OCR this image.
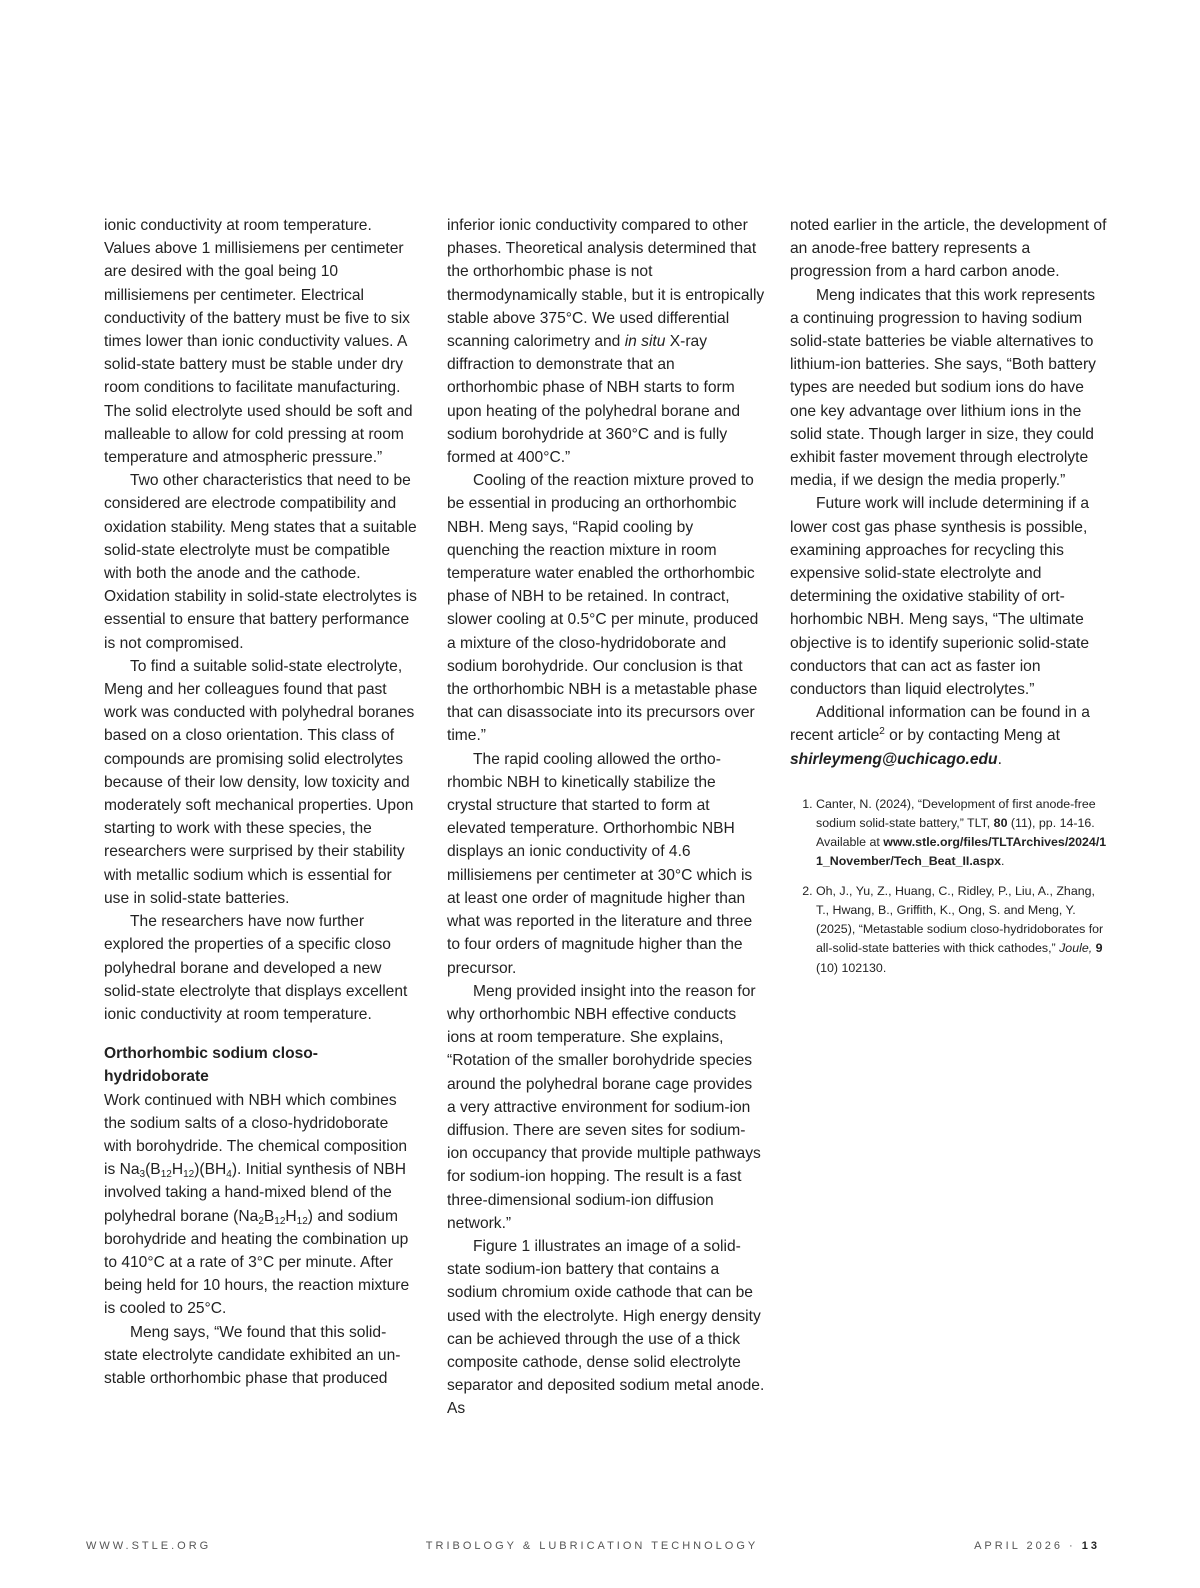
ionic conductivity at room temperature. Values above 1 millisiemens per centimeter are desired with the goal being 10 millisiemens per centimeter. Electrical conductivity of the battery must be five to six times lower than ionic conductivity values. A solid-state battery must be stable under dry room conditions to facilitate manufacturing. The solid electrolyte used should be soft and malleable to allow for cold pressing at room temperature and atmospheric pressure.”

Two other characteristics that need to be considered are electrode compatibility and oxidation stability. Meng states that a suitable solid-state electrolyte must be compatible with both the anode and the cathode. Oxidation stability in solid-state electrolytes is essential to ensure that battery performance is not compromised.

To find a suitable solid-state electrolyte, Meng and her colleagues found that past work was conducted with polyhedral boranes based on a closo orientation. This class of compounds are promising solid electrolytes because of their low density, low toxicity and moderately soft mechanical properties. Upon starting to work with these species, the researchers were surprised by their stability with metallic sodium which is essential for use in solid-state batteries.

The researchers have now further explored the properties of a specific closo polyhedral borane and developed a new solid-state electrolyte that displays excellent ionic conductivity at room temperature.

Orthorhombic sodium closo-hydridoborate

Work continued with NBH which combines the sodium salts of a closo-hydridoborate with borohydride. The chemical composition is $Na_3(B_{12}H_{12})(BH_4)$. Initial synthesis of NBH involved taking a hand-mixed blend of the polyhedral borane $(Na_2B_{12}H_{12})$ and sodium borohydride and heating the combination up to 410°C at a rate of 3°C per minute. After being held for 10 hours, the reaction mixture is cooled to 25°C.

Meng says, “We found that this solid-state electrolyte candidate exhibited an unstable orthorhombic phase that produced

inferior ionic conductivity compared to other phases. Theoretical analysis determined that the orthorhombic phase is not thermodynamically stable, but it is entropically stable above 375°C. We used differential scanning calorimetry and in situ X-ray diffraction to demonstrate that an orthorhombic phase of NBH starts to form upon heating of the polyhedral borane and sodium borohydride at 360°C and is fully formed at 400°C.”

Cooling of the reaction mixture proved to be essential in producing an orthorhombic NBH. Meng says, “Rapid cooling by quenching the reaction mixture in room temperature water enabled the orthorhombic phase of NBH to be retained. In contract, slower cooling at 0.5°C per minute, produced a mixture of the closo-hydridoborate and sodium borohydride. Our conclusion is that the orthorhombic NBH is a metastable phase that can disassociate into its precursors over time.”

The rapid cooling allowed the orthorhombic NBH to kinetically stabilize the crystal structure that started to form at elevated temperature. Orthorhombic NBH displays an ionic conductivity of 4.6 millisiemens per centimeter at 30°C which is at least one order of magnitude higher than what was reported in the literature and three to four orders of magnitude higher than the precursor.

Meng provided insight into the reason for why orthorhombic NBH effective conducts ions at room temperature. She explains, “Rotation of the smaller borohydride species around the polyhedral borane cage provides a very attractive environment for sodium-ion diffusion. There are seven sites for sodium-ion occupancy that provide multiple pathways for sodium-ion hopping. The result is a fast three-dimensional sodium-ion diffusion network.”

Figure 1 illustrates an image of a solid-state sodium-ion battery that contains a sodium chromium oxide cathode that can be used with the electrolyte. High energy density can be achieved through the use of a thick composite cathode, dense solid electrolyte separator and deposited sodium metal anode. As

noted earlier in the article, the development of an anode-free battery represents a progression from a hard carbon anode.

Meng indicates that this work represents a continuing progression to having sodium solid-state batteries be viable alternatives to lithium-ion batteries. She says, “Both battery types are needed but sodium ions do have one key advantage over lithium ions in the solid state. Though larger in size, they could exhibit faster movement through electrolyte media, if we design the media properly.”

Future work will include determining if a lower cost gas phase synthesis is possible, examining approaches for recycling this expensive solid-state electrolyte and determining the oxidative stability of orthorhombic NBH. Meng says, “The ultimate objective is to identify superionic solid-state conductors that can act as faster ion conductors than liquid electrolytes.”

Additional information can be found in a recent article$^2$ or by contacting Meng at shirleymeng@uchicago.edu.

1. Canter, N. (2024), “Development of first anode-free sodium solid-state battery,” TLT, 80 (11), pp. 14-16. Available at www.stle.org/files/TLTArchives/2024/11_November/Tech_Beat_II.aspx.
2. Oh, J., Yu, Z., Huang, C., Ridley, P., Liu, A., Zhang, T., Hwang, B., Griffith, K., Ong, S. and Meng, Y. (2025), “Metastable sodium closo-hydridoborates for all-solid-state batteries with thick cathodes,” Joule, 9 (10) 102130.
WWW.STLE.ORG	TRIBOLOGY & LUBRICATION TECHNOLOGY	APRIL 2026 · 13
